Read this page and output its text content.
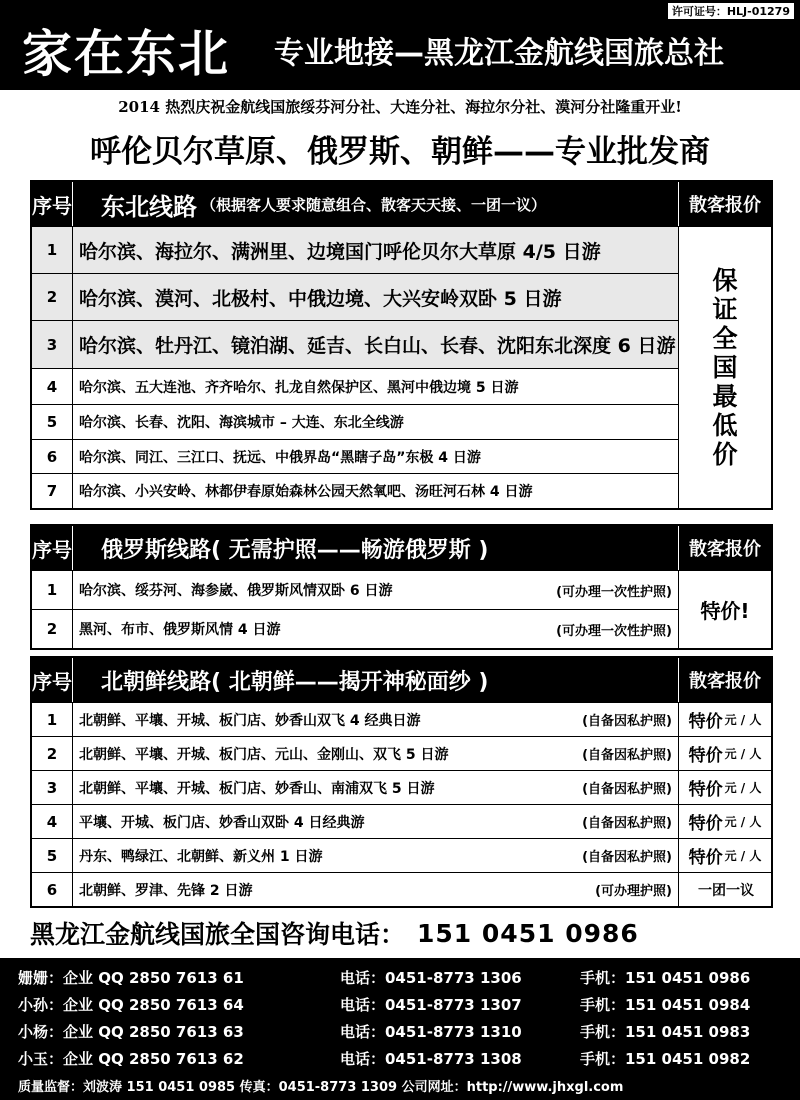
许可证号：HLJ-01279
家在东北 专业地接—黑龙江金航线国旅总社
2014 热烈庆祝金航线国旅绥芬河分社、大连分社、海拉尔分社、漠河分社隆重开业!
呼伦贝尔草原、俄罗斯、朝鲜——专业批发商
序号 东北线路 （根据客人要求随意组合、散客天天接、一团一议）	散客报价
1	哈尔滨、海拉尔、满洲里、边境国门呼伦贝尔大草原 4/5 日游
2	哈尔滨、漠河、北极村、中俄边境、大兴安岭双卧 5 日游
3	哈尔滨、牡丹江、镜泊湖、延吉、长白山、长春、沈阳东北深度 6 日游
4	哈尔滨、五大连池、齐齐哈尔、扎龙自然保护区、黑河中俄边境 5 日游
5	哈尔滨、长春、沈阳、海滨城市 – 大连、东北全线游
6	哈尔滨、同江、三江口、抚远、中俄界岛“黑瞎子岛”东极 4 日游
7	哈尔滨、小兴安岭、林都伊春原始森林公园天然氧吧、汤旺河石林 4 日游
保证全国最低价
序号	俄罗斯线路( 无需护照——畅游俄罗斯 )	散客报价
1	哈尔滨、绥芬河、海参崴、俄罗斯风情双卧 6 日游	(可办理一次性护照)
2	黑河、布市、俄罗斯风情 4 日游	(可办理一次性护照)
特价!
序号	北朝鲜线路( 北朝鲜——揭开神秘面纱 )	散客报价
1	北朝鲜、平壤、开城、板门店、妙香山双飞 4 经典日游	(自备因私护照) 特价 元 / 人
2	北朝鲜、平壤、开城、板门店、元山、金刚山、双飞 5 日游	(自备因私护照) 特价 元 / 人
3	北朝鲜、平壤、开城、板门店、妙香山、南浦双飞 5 日游	(自备因私护照) 特价 元 / 人
4	平壤、开城、板门店、妙香山双卧 4 日经典游	(自备因私护照) 特价 元 / 人
5	丹东、鸭绿江、北朝鲜、新义州 1 日游	(自备因私护照) 特价 元 / 人
6	北朝鲜、罗津、先锋 2 日游	(可办理护照)	一团一议
黑龙江金航线国旅全国咨询电话： 151 0451 0986
姗姗：企业 QQ 2850 7613 61	电话：0451-8773 1306	手机：151 0451 0986
小孙：企业 QQ 2850 7613 64	电话：0451-8773 1307	手机：151 0451 0984
小杨：企业 QQ 2850 7613 63	电话：0451-8773 1310	手机：151 0451 0983
小玉：企业 QQ 2850 7613 62	电话：0451-8773 1308	手机：151 0451 0982
质量监督：刘波涛 151 0451 0985 传真：0451-8773 1309 公司网址：http://www.jhxgl.com
